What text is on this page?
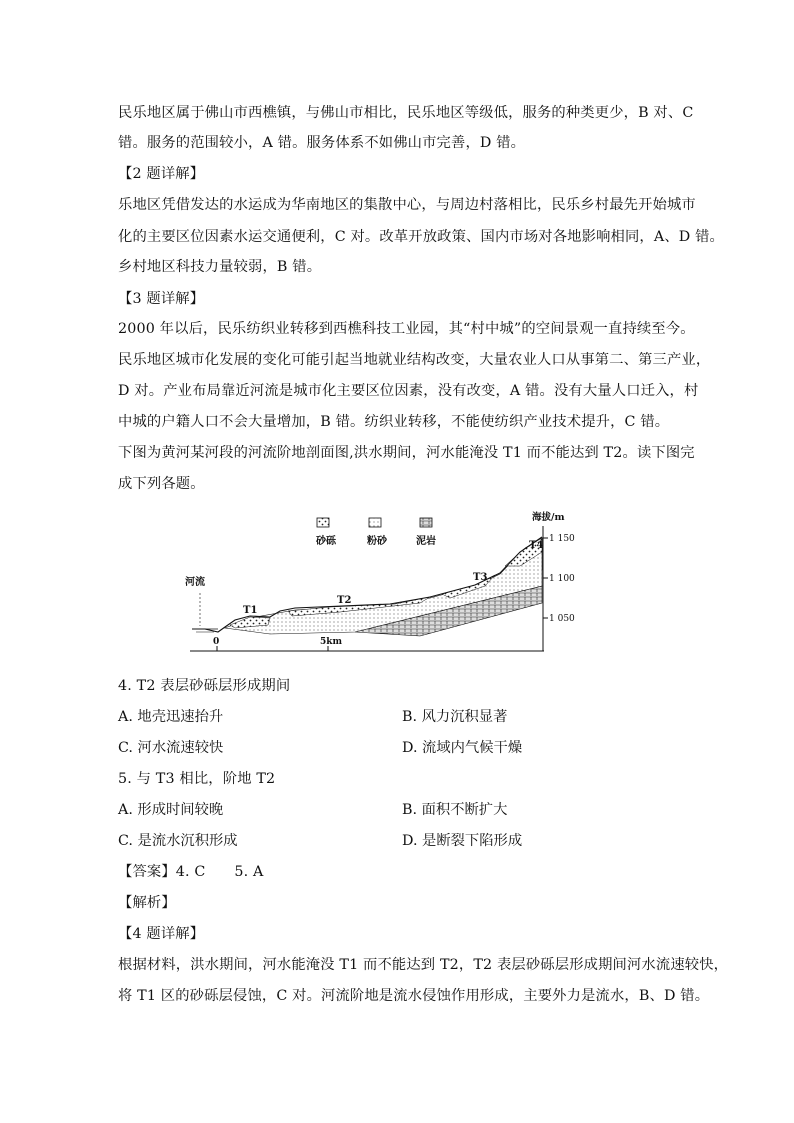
民乐地区属于佛山市西樵镇，与佛山市相比，民乐地区等级低，服务的种类更少，B 对、C
错。服务的范围较小，A 错。服务体系不如佛山市完善，D 错。
【2 题详解】
乐地区凭借发达的水运成为华南地区的集散中心，与周边村落相比，民乐乡村最先开始城市
化的主要区位因素水运交通便利，C 对。改革开放政策、国内市场对各地影响相同，A、D 错。
乡村地区科技力量较弱，B 错。
【3 题详解】
2000 年以后，民乐纺织业转移到西樵科技工业园，其“村中城”的空间景观一直持续至今。
民乐地区城市化发展的变化可能引起当地就业结构改变，大量农业人口从事第二、第三产业，
D 对。产业布局靠近河流是城市化主要区位因素，没有改变，A 错。没有大量人口迁入，村
中城的户籍人口不会大量增加，B 错。纺织业转移，不能使纺织产业技术提升，C 错。
下图为黄河某河段的河流阶地剖面图,洪水期间，河水能淹没 T1 而不能达到 T2。读下图完
成下列各题。
砂砾	粉砂	泥岩
海拔/m
1 150
1 100
1 050
河流
T1
T2
T3
T4
0	5km
4. T2 表层砂砾层形成期间
A. 地壳迅速抬升	B. 风力沉积显著
C. 河水流速较快	D. 流域内气候干燥
5. 与 T3 相比，阶地 T2
A. 形成时间较晚	B. 面积不断扩大
C. 是流水沉积形成	D. 是断裂下陷形成
【答案】4. C　　5. A
【解析】
【4 题详解】
根据材料，洪水期间，河水能淹没 T1 而不能达到 T2，T2 表层砂砾层形成期间河水流速较快，
将 T1 区的砂砾层侵蚀，C 对。河流阶地是流水侵蚀作用形成，主要外力是流水，B、D 错。
